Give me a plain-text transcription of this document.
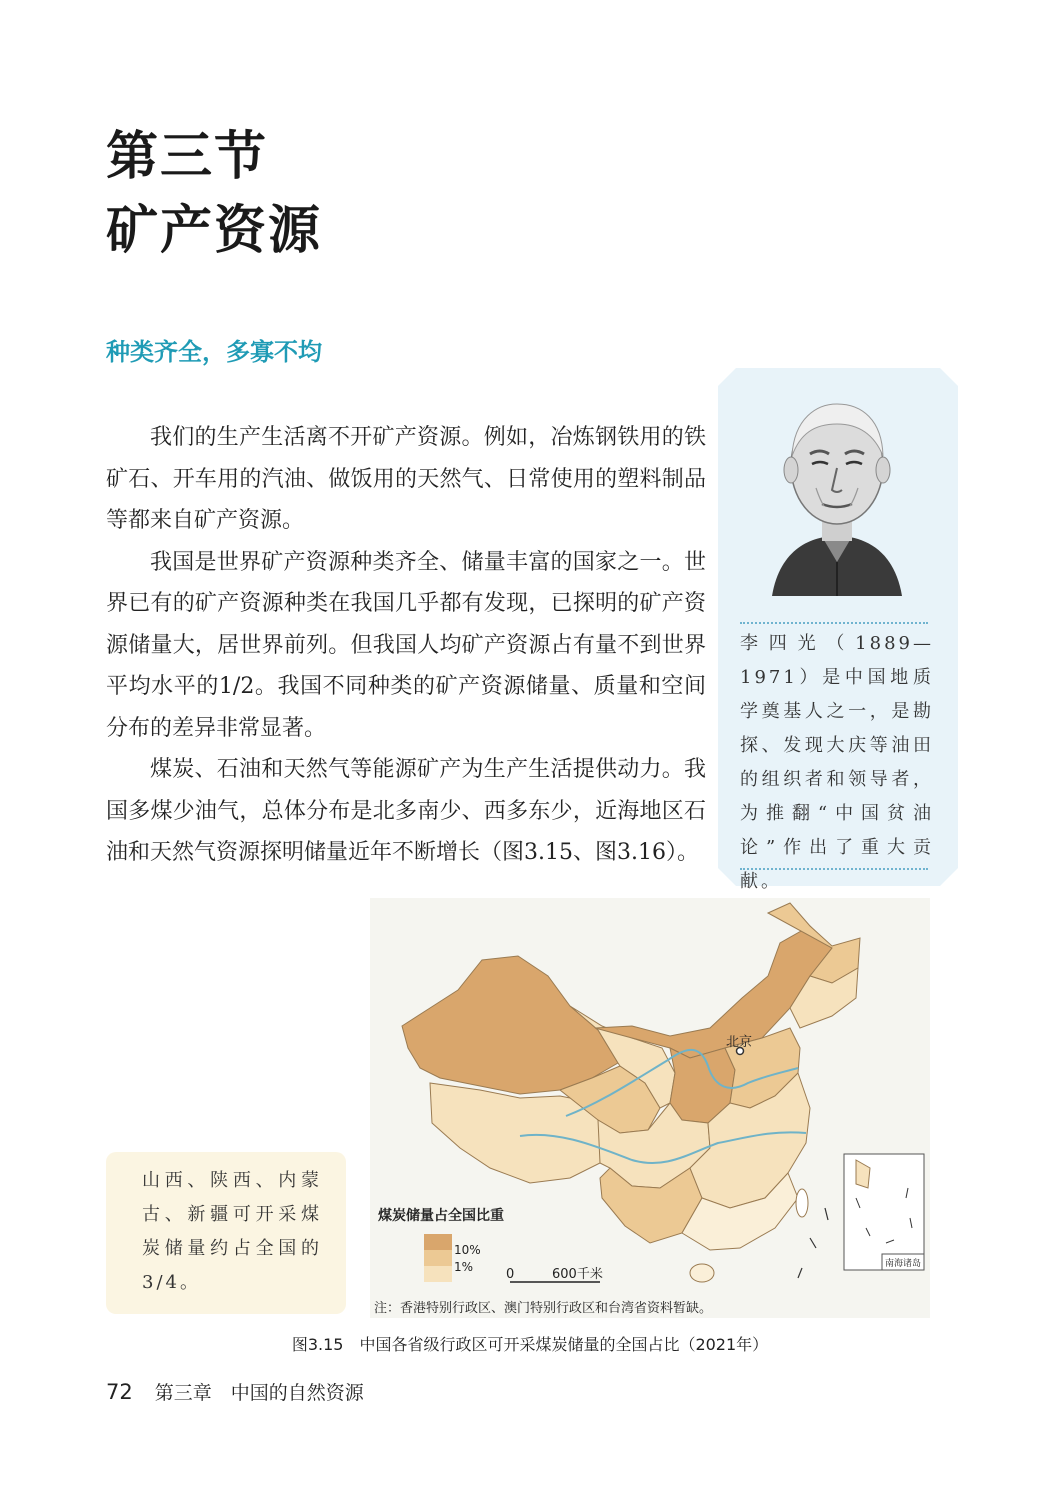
第三节
矿产资源
种类齐全，多寡不均

我们的生产生活离不开矿产资源。例如，冶炼钢铁用的铁矿石、开车用的汽油、做饭用的天然气、日常使用的塑料制品等都来自矿产资源。

我国是世界矿产资源种类齐全、储量丰富的国家之一。世界已有的矿产资源种类在我国几乎都有发现，已探明的矿产资源储量大，居世界前列。但我国人均矿产资源占有量不到世界平均水平的1/2。我国不同种类的矿产资源储量、质量和空间分布的差异非常显著。

煤炭、石油和天然气等能源矿产为生产生活提供动力。我国多煤少油气，总体分布是北多南少、西多东少，近海地区石油和天然气资源探明储量近年不断增长（图3.15、图3.16）。

李四光（1889—1971）是中国地质学奠基人之一，是勘探、发现大庆等油田的组织者和领导者，为推翻“中国贫油论”作出了重大贡献。
北京
煤炭储量占全国比重
10%
1%	0	600千米
南海诸岛
注：香港特别行政区、澳门特别行政区和台湾省资料暂缺。
山西、陕西、内蒙古、新疆可开采煤炭储量约占全国的3/4。
图3.15　中国各省级行政区可开采煤炭储量的全国占比（2021年）
72 第三章　中国的自然资源
